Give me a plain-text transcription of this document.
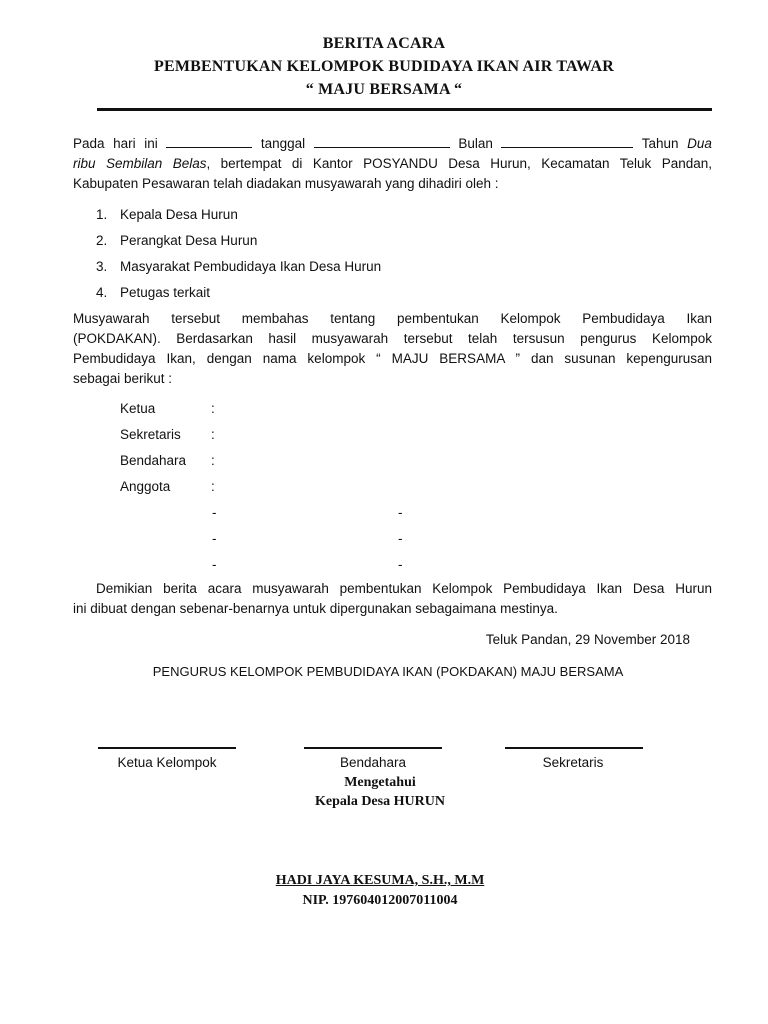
BERITA ACARA
PEMBENTUKAN KELOMPOK BUDIDAYA IKAN AIR TAWAR
“ MAJU BERSAMA “
Pada hari ini	tanggal	Bulan	Tahun Dua
ribu Sembilan Belas, bertempat di Kantor POSYANDU Desa Hurun, Kecamatan Teluk Pandan,
Kabupaten Pesawaran telah diadakan musyawarah yang dihadiri oleh :
1. Kepala Desa Hurun
2. Perangkat Desa Hurun
3. Masyarakat Pembudidaya Ikan Desa Hurun
4. Petugas terkait
Musyawarah tersebut membahas tentang pembentukan Kelompok Pembudidaya Ikan
(POKDAKAN). Berdasarkan hasil musyawarah tersebut telah tersusun pengurus Kelompok
Pembudidaya Ikan, dengan nama kelompok “ MAJU BERSAMA ” dan susunan kepengurusan
sebagai berikut :
Ketua	:
Sekretaris :
Bendahara :
Anggota	:
-	-
-	-
-	-
Demikian berita acara musyawarah pembentukan Kelompok Pembudidaya Ikan Desa Hurun
ini dibuat dengan sebenar-benarnya untuk dipergunakan sebagaimana mestinya.
Teluk Pandan, 29 November 2018
PENGURUS KELOMPOK PEMBUDIDAYA IKAN (POKDAKAN) MAJU BERSAMA
Ketua Kelompok	Bendahara	Sekretaris
Mengetahui
Kepala Desa HURUN
HADI JAYA KESUMA, S.H., M.M
NIP. 197604012007011004
